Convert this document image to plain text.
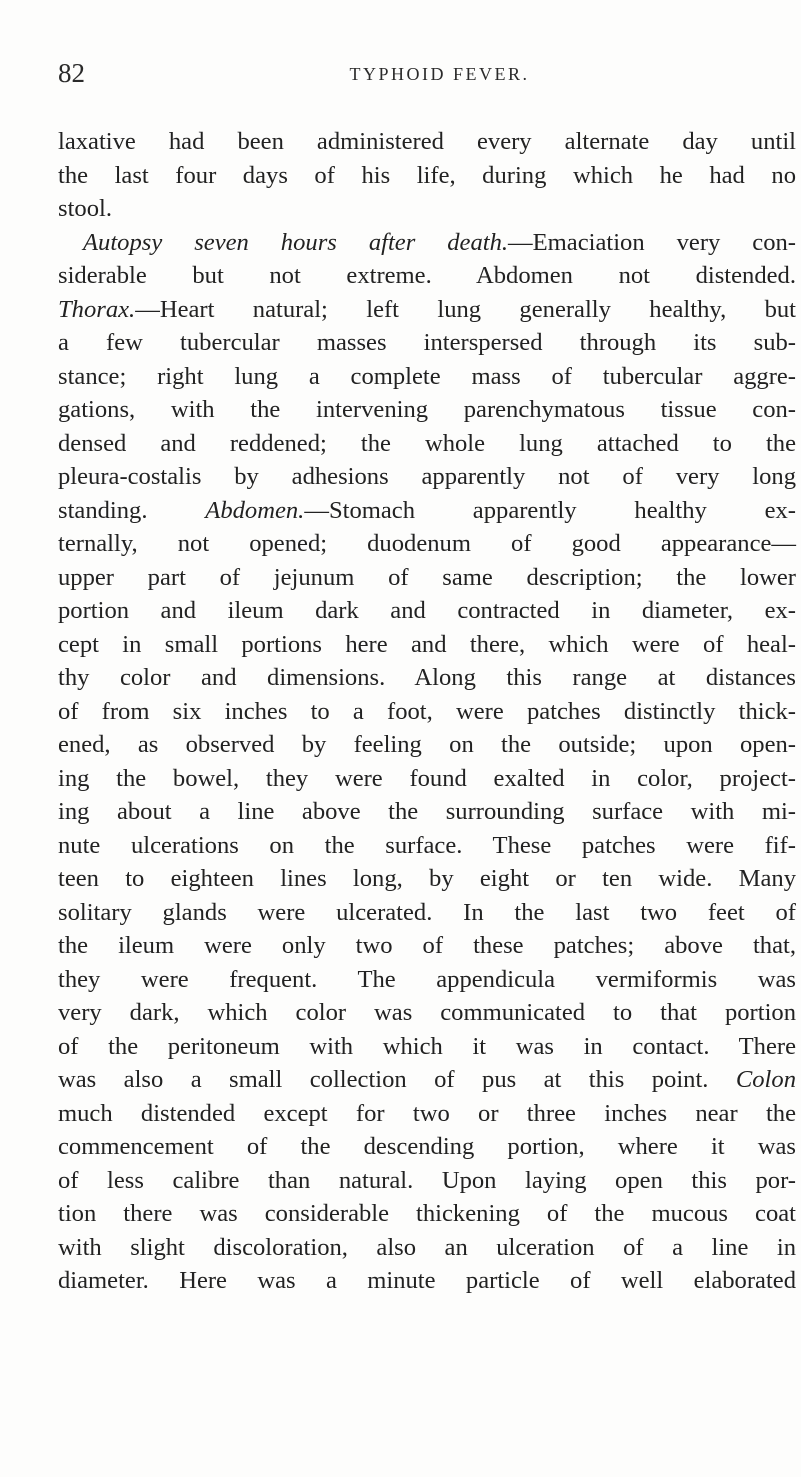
82	TYPHOID FEVER.
laxative had been administered every alternate day until
the last four days of his life, during which he had no
stool.
Autopsy seven hours after death.—Emaciation very con-
siderable but not extreme. Abdomen not distended.
Thorax.—Heart natural; left lung generally healthy, but
a few tubercular masses interspersed through its sub-
stance; right lung a complete mass of tubercular aggre-
gations, with the intervening parenchymatous tissue con-
densed and reddened; the whole lung attached to the
pleura-costalis by adhesions apparently not of very long
standing. Abdomen.—Stomach apparently healthy ex-
ternally, not opened; duodenum of good appearance—
upper part of jejunum of same description; the lower
portion and ileum dark and contracted in diameter, ex-
cept in small portions here and there, which were of heal-
thy color and dimensions. Along this range at distances
of from six inches to a foot, were patches distinctly thick-
ened, as observed by feeling on the outside; upon open-
ing the bowel, they were found exalted in color, project-
ing about a line above the surrounding surface with mi-
nute ulcerations on the surface. These patches were fif-
teen to eighteen lines long, by eight or ten wide. Many
solitary glands were ulcerated. In the last two feet of
the ileum were only two of these patches; above that,
they were frequent. The appendicula vermiformis was
very dark, which color was communicated to that portion
of the peritoneum with which it was in contact. There
was also a small collection of pus at this point. Colon
much distended except for two or three inches near the
commencement of the descending portion, where it was
of less calibre than natural. Upon laying open this por-
tion there was considerable thickening of the mucous coat
with slight discoloration, also an ulceration of a line in
diameter. Here was a minute particle of well elaborated
